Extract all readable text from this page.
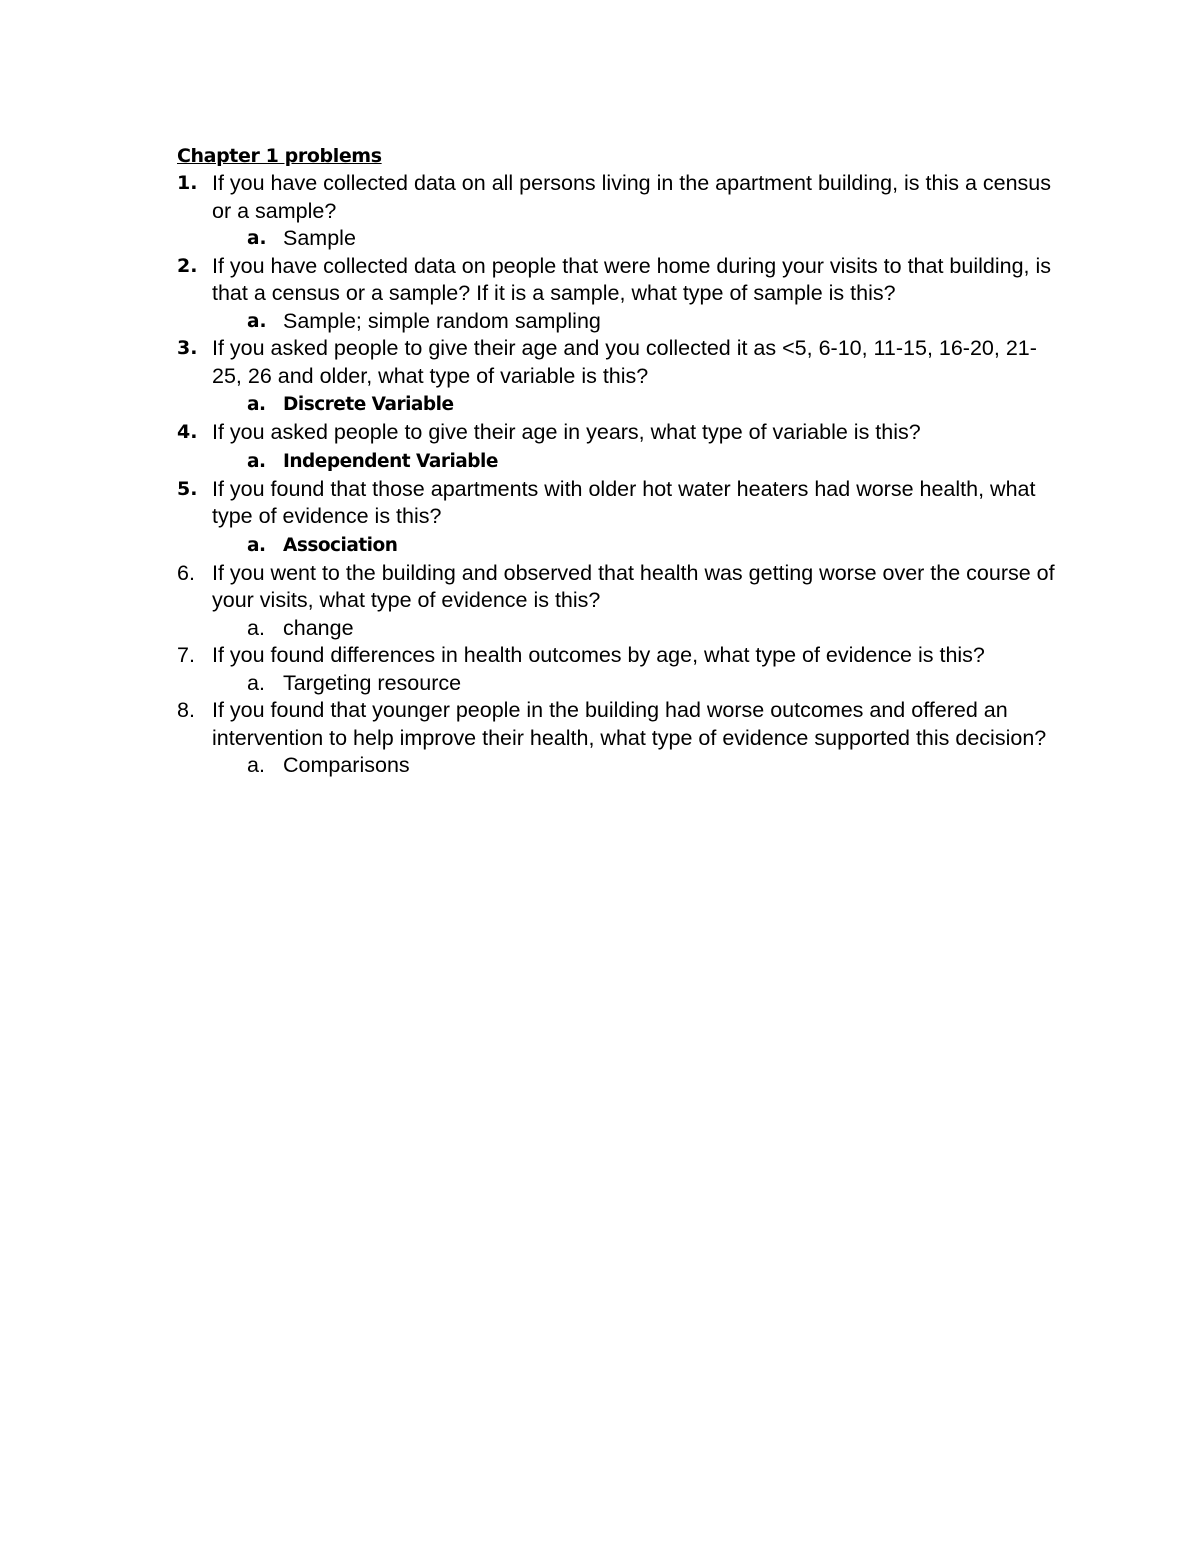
Chapter 1 problems
1. If you have collected data on all persons living in the apartment building, is this a census or a sample?
a. Sample
2. If you have collected data on people that were home during your visits to that building, is that a census or a sample? If it is a sample, what type of sample is this?
a. Sample; simple random sampling
3. If you asked people to give their age and you collected it as <5, 6-10, 11-15, 16-20, 21-25, 26 and older, what type of variable is this?
a. Discrete Variable
4. If you asked people to give their age in years, what type of variable is this?
a. Independent Variable
5. If you found that those apartments with older hot water heaters had worse health, what type of evidence is this?
a. Association
6. If you went to the building and observed that health was getting worse over the course of your visits, what type of evidence is this?
a. change
7. If you found differences in health outcomes by age, what type of evidence is this?
a. Targeting resource
8. If you found that younger people in the building had worse outcomes and offered an intervention to help improve their health, what type of evidence supported this decision?
a. Comparisons
